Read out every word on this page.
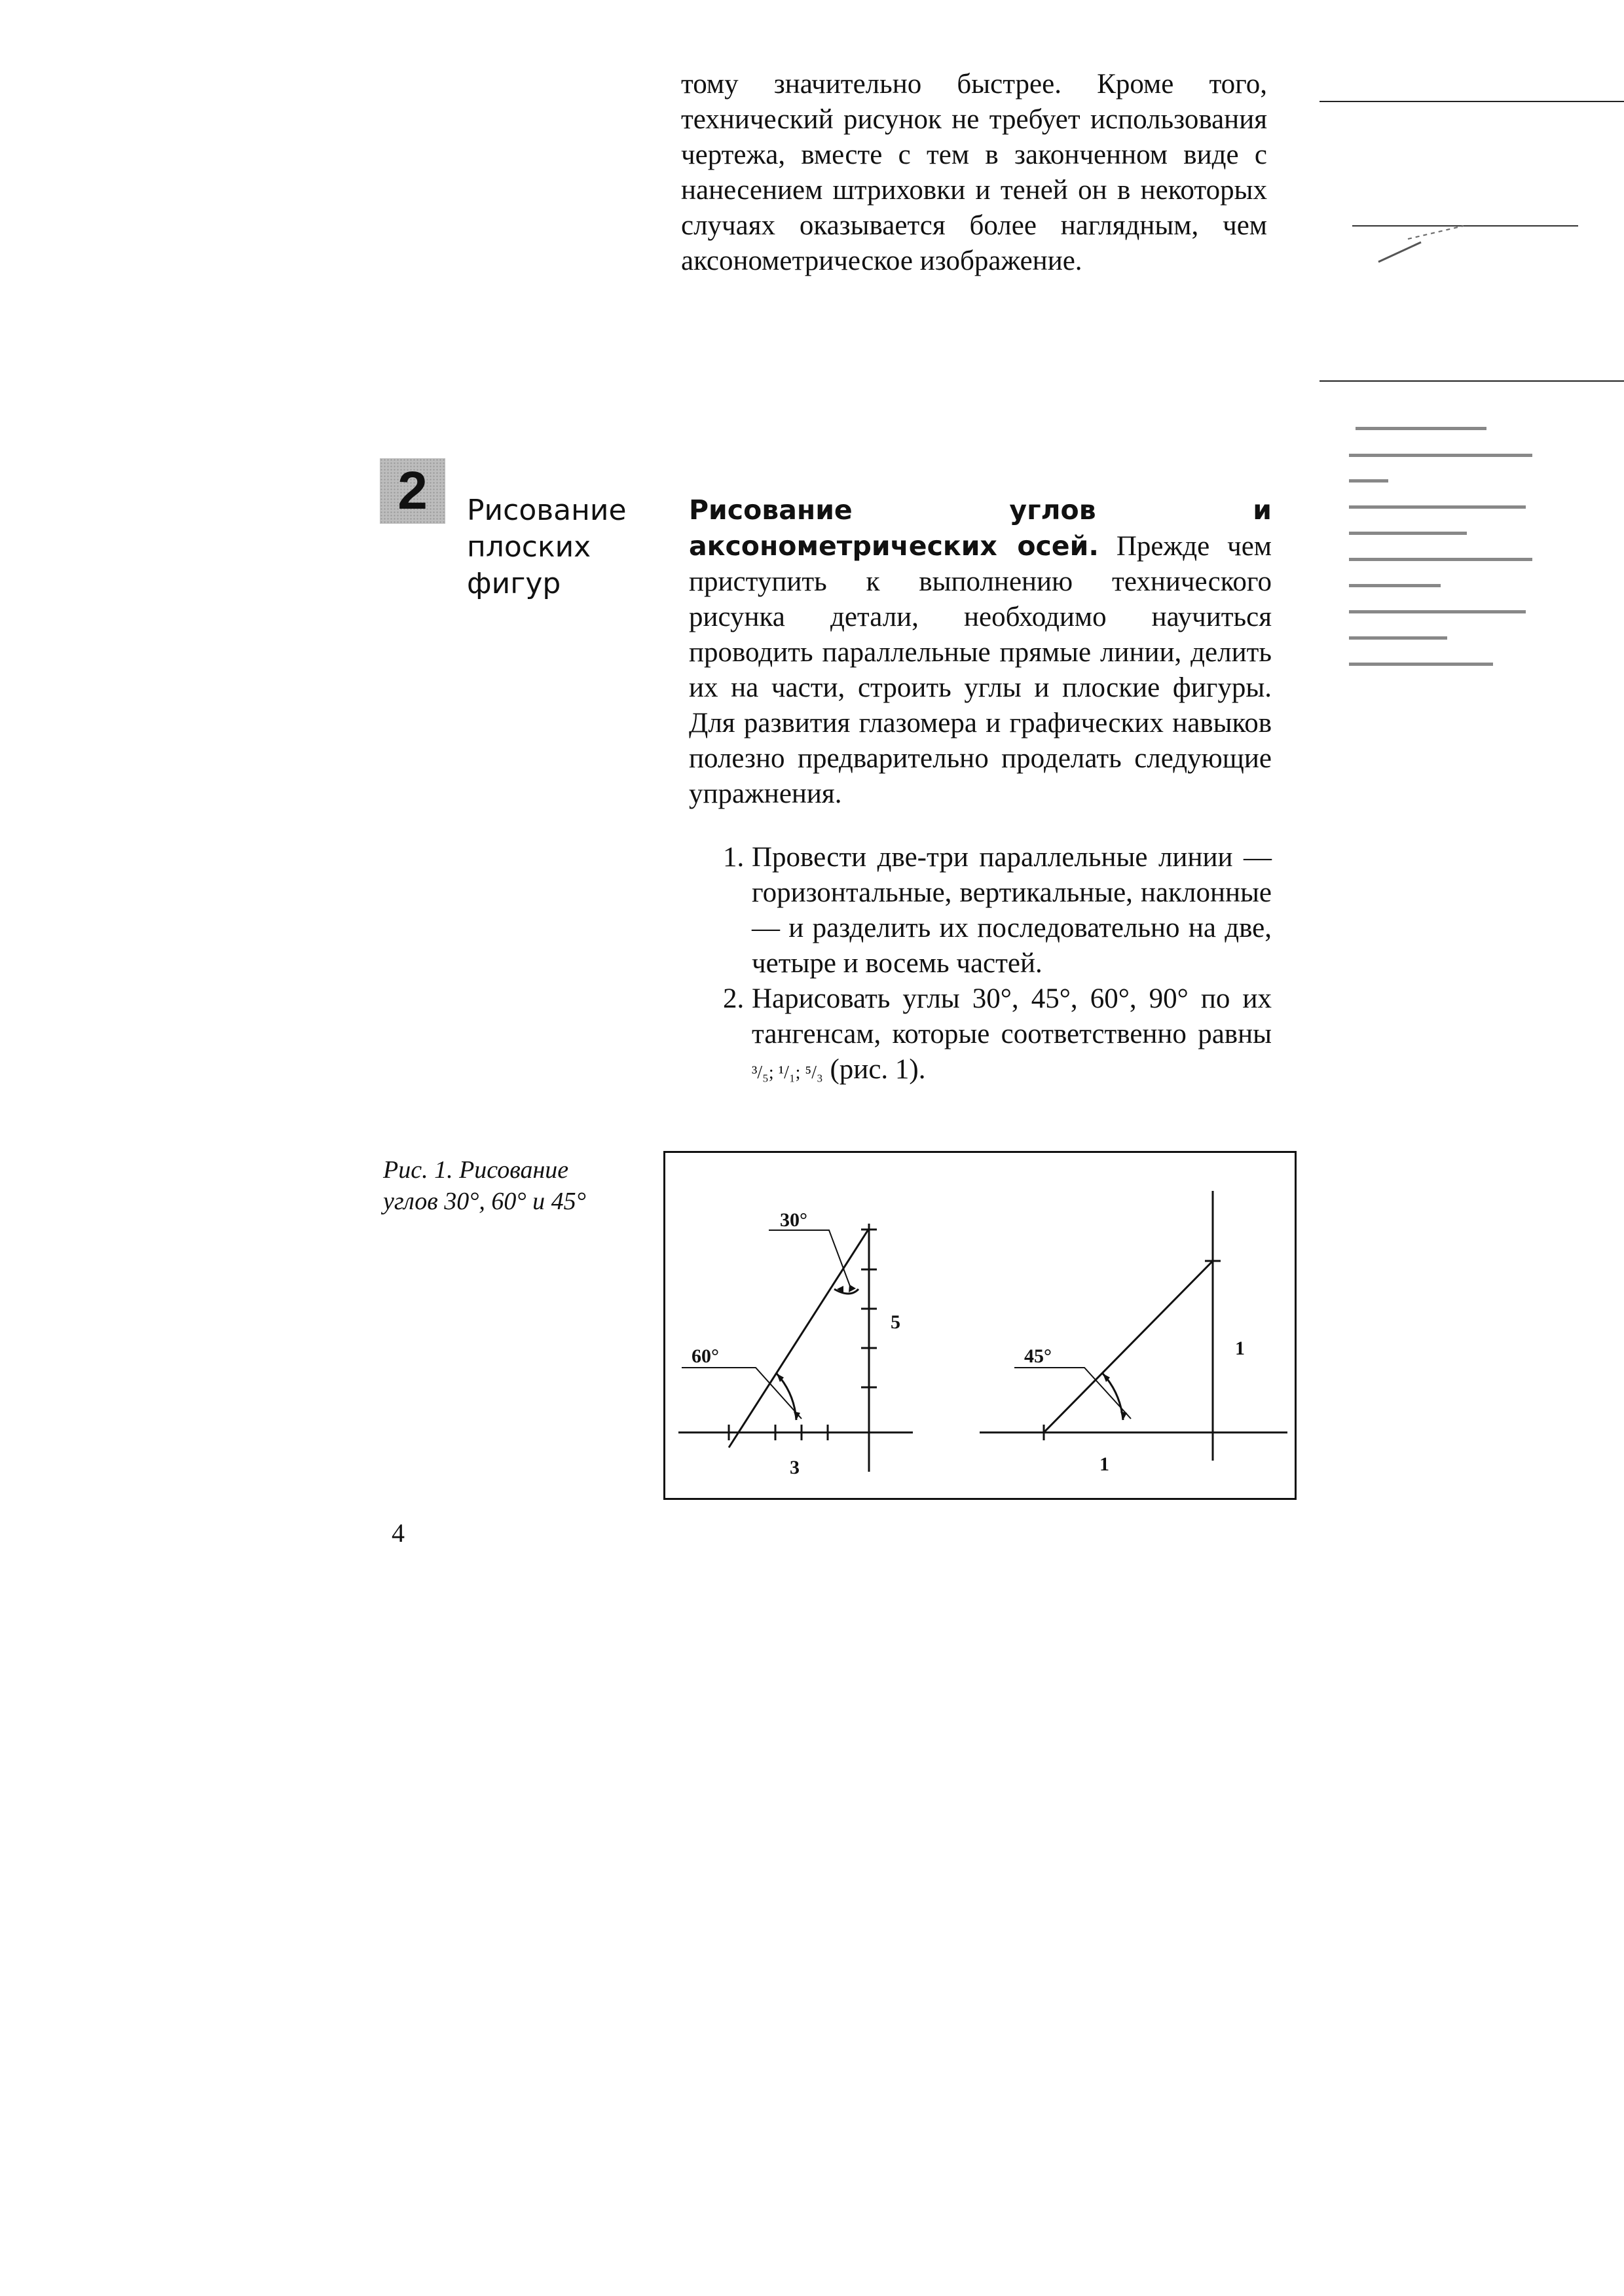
тому значительно быстрее. Кроме того, технический рисунок не требует использования чертежа, вместе с тем в законченном виде с нанесением штриховки и теней он в некоторых случаях оказывается более наглядным, чем аксонометрическое изображение.

2 Рисование
плоских
фигур

Рисование углов и аксонометрических осей. Прежде чем приступить к выполнению технического рисунка детали, необходимо научиться проводить параллельные прямые линии, делить их на части, строить углы и плоские фигуры. Для развития глазомера и графических навыков полезно предварительно проделать следующие упражнения.

1. Провести две-три параллельные линии — горизонтальные, вертикальные, наклонные — и разделить их последовательно на две, четыре и восемь частей.
2. Нарисовать углы 30°, 45°, 60°, 90° по их тангенсам, которые соответственно равны ³/₅; ¹/₁; ⁵/₃ (рис. 1).
Рис. 1. Рисование
углов 30°, 60° и 45°
30°
60°
5
3
45°	1
1
4
